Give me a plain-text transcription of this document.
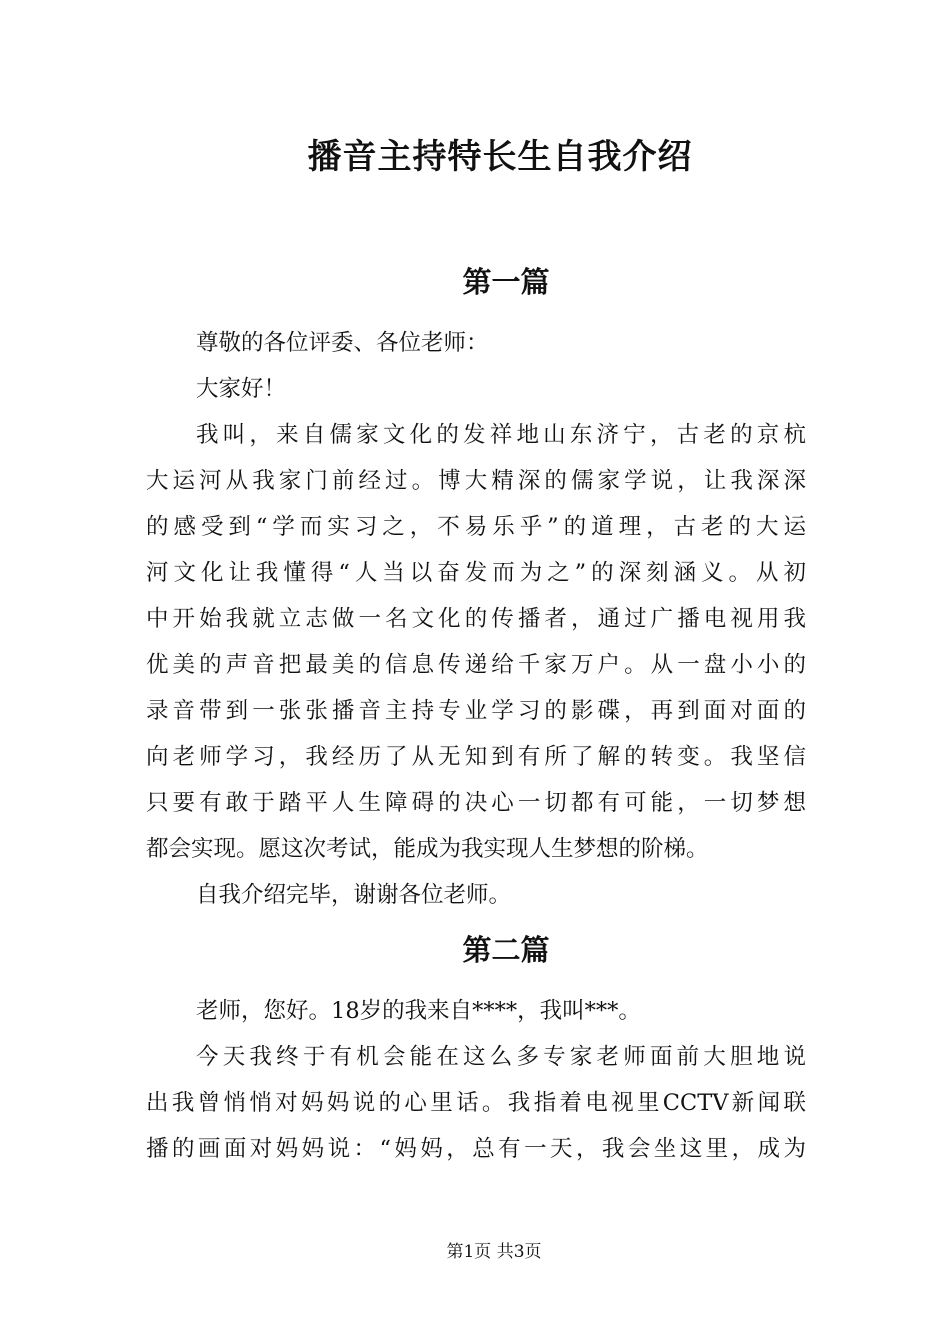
播音主持特长生自我介绍
第一篇
尊敬的各位评委、各位老师：
大家好！
我叫，来自儒家文化的发祥地山东济宁，古老的京杭
大运河从我家门前经过。博大精深的儒家学说，让我深深
的感受到“学而实习之，不易乐乎”的道理，古老的大运
河文化让我懂得“人当以奋发而为之”的深刻涵义。从初
中开始我就立志做一名文化的传播者，通过广播电视用我
优美的声音把最美的信息传递给千家万户。从一盘小小的
录音带到一张张播音主持专业学习的影碟，再到面对面的
向老师学习，我经历了从无知到有所了解的转变。我坚信
只要有敢于踏平人生障碍的决心一切都有可能，一切梦想
都会实现。愿这次考试，能成为我实现人生梦想的阶梯。
自我介绍完毕，谢谢各位老师。
第二篇
老师，您好。18岁的我来自****，我叫***。
今天我终于有机会能在这么多专家老师面前大胆地说
出我曾悄悄对妈妈说的心里话。我指着电视里CCTV新闻联
播的画面对妈妈说：“妈妈，总有一天，我会坐这里，成为
第1页 共3页
